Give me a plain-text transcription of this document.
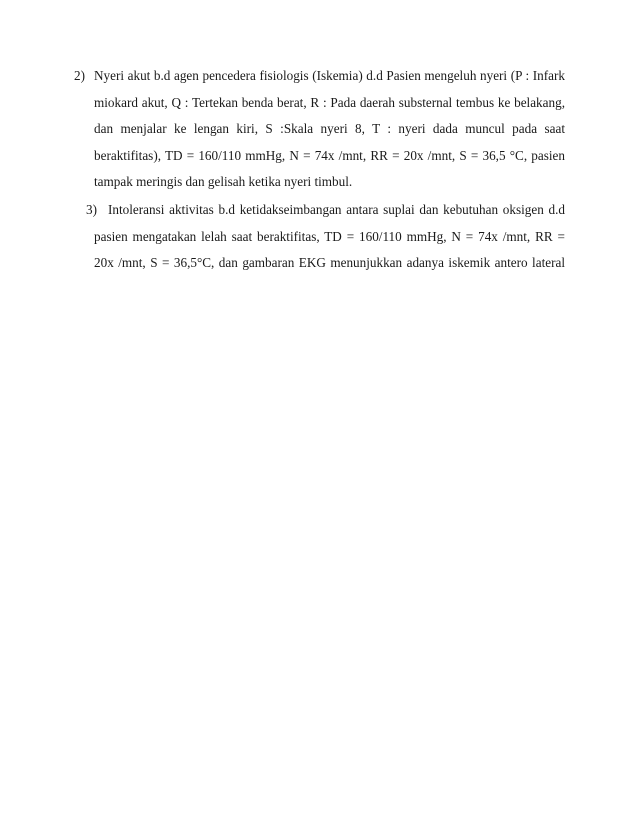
2) Nyeri akut b.d agen pencedera fisiologis (Iskemia) d.d Pasien mengeluh nyeri (P : Infark miokard akut, Q : Tertekan benda berat, R : Pada daerah substernal tembus ke belakang, dan menjalar ke lengan kiri, S :Skala nyeri 8, T : nyeri dada muncul pada saat beraktifitas), TD = 160/110 mmHg, N = 74x /mnt, RR = 20x /mnt, S = 36,5 °C, pasien tampak meringis dan gelisah ketika nyeri timbul.
3) Intoleransi aktivitas b.d ketidakseimbangan antara suplai dan kebutuhan oksigen d.d pasien mengatakan lelah saat beraktifitas, TD = 160/110 mmHg, N = 74x /mnt, RR = 20x /mnt, S = 36,5°C, dan gambaran EKG menunjukkan adanya iskemik antero lateral
